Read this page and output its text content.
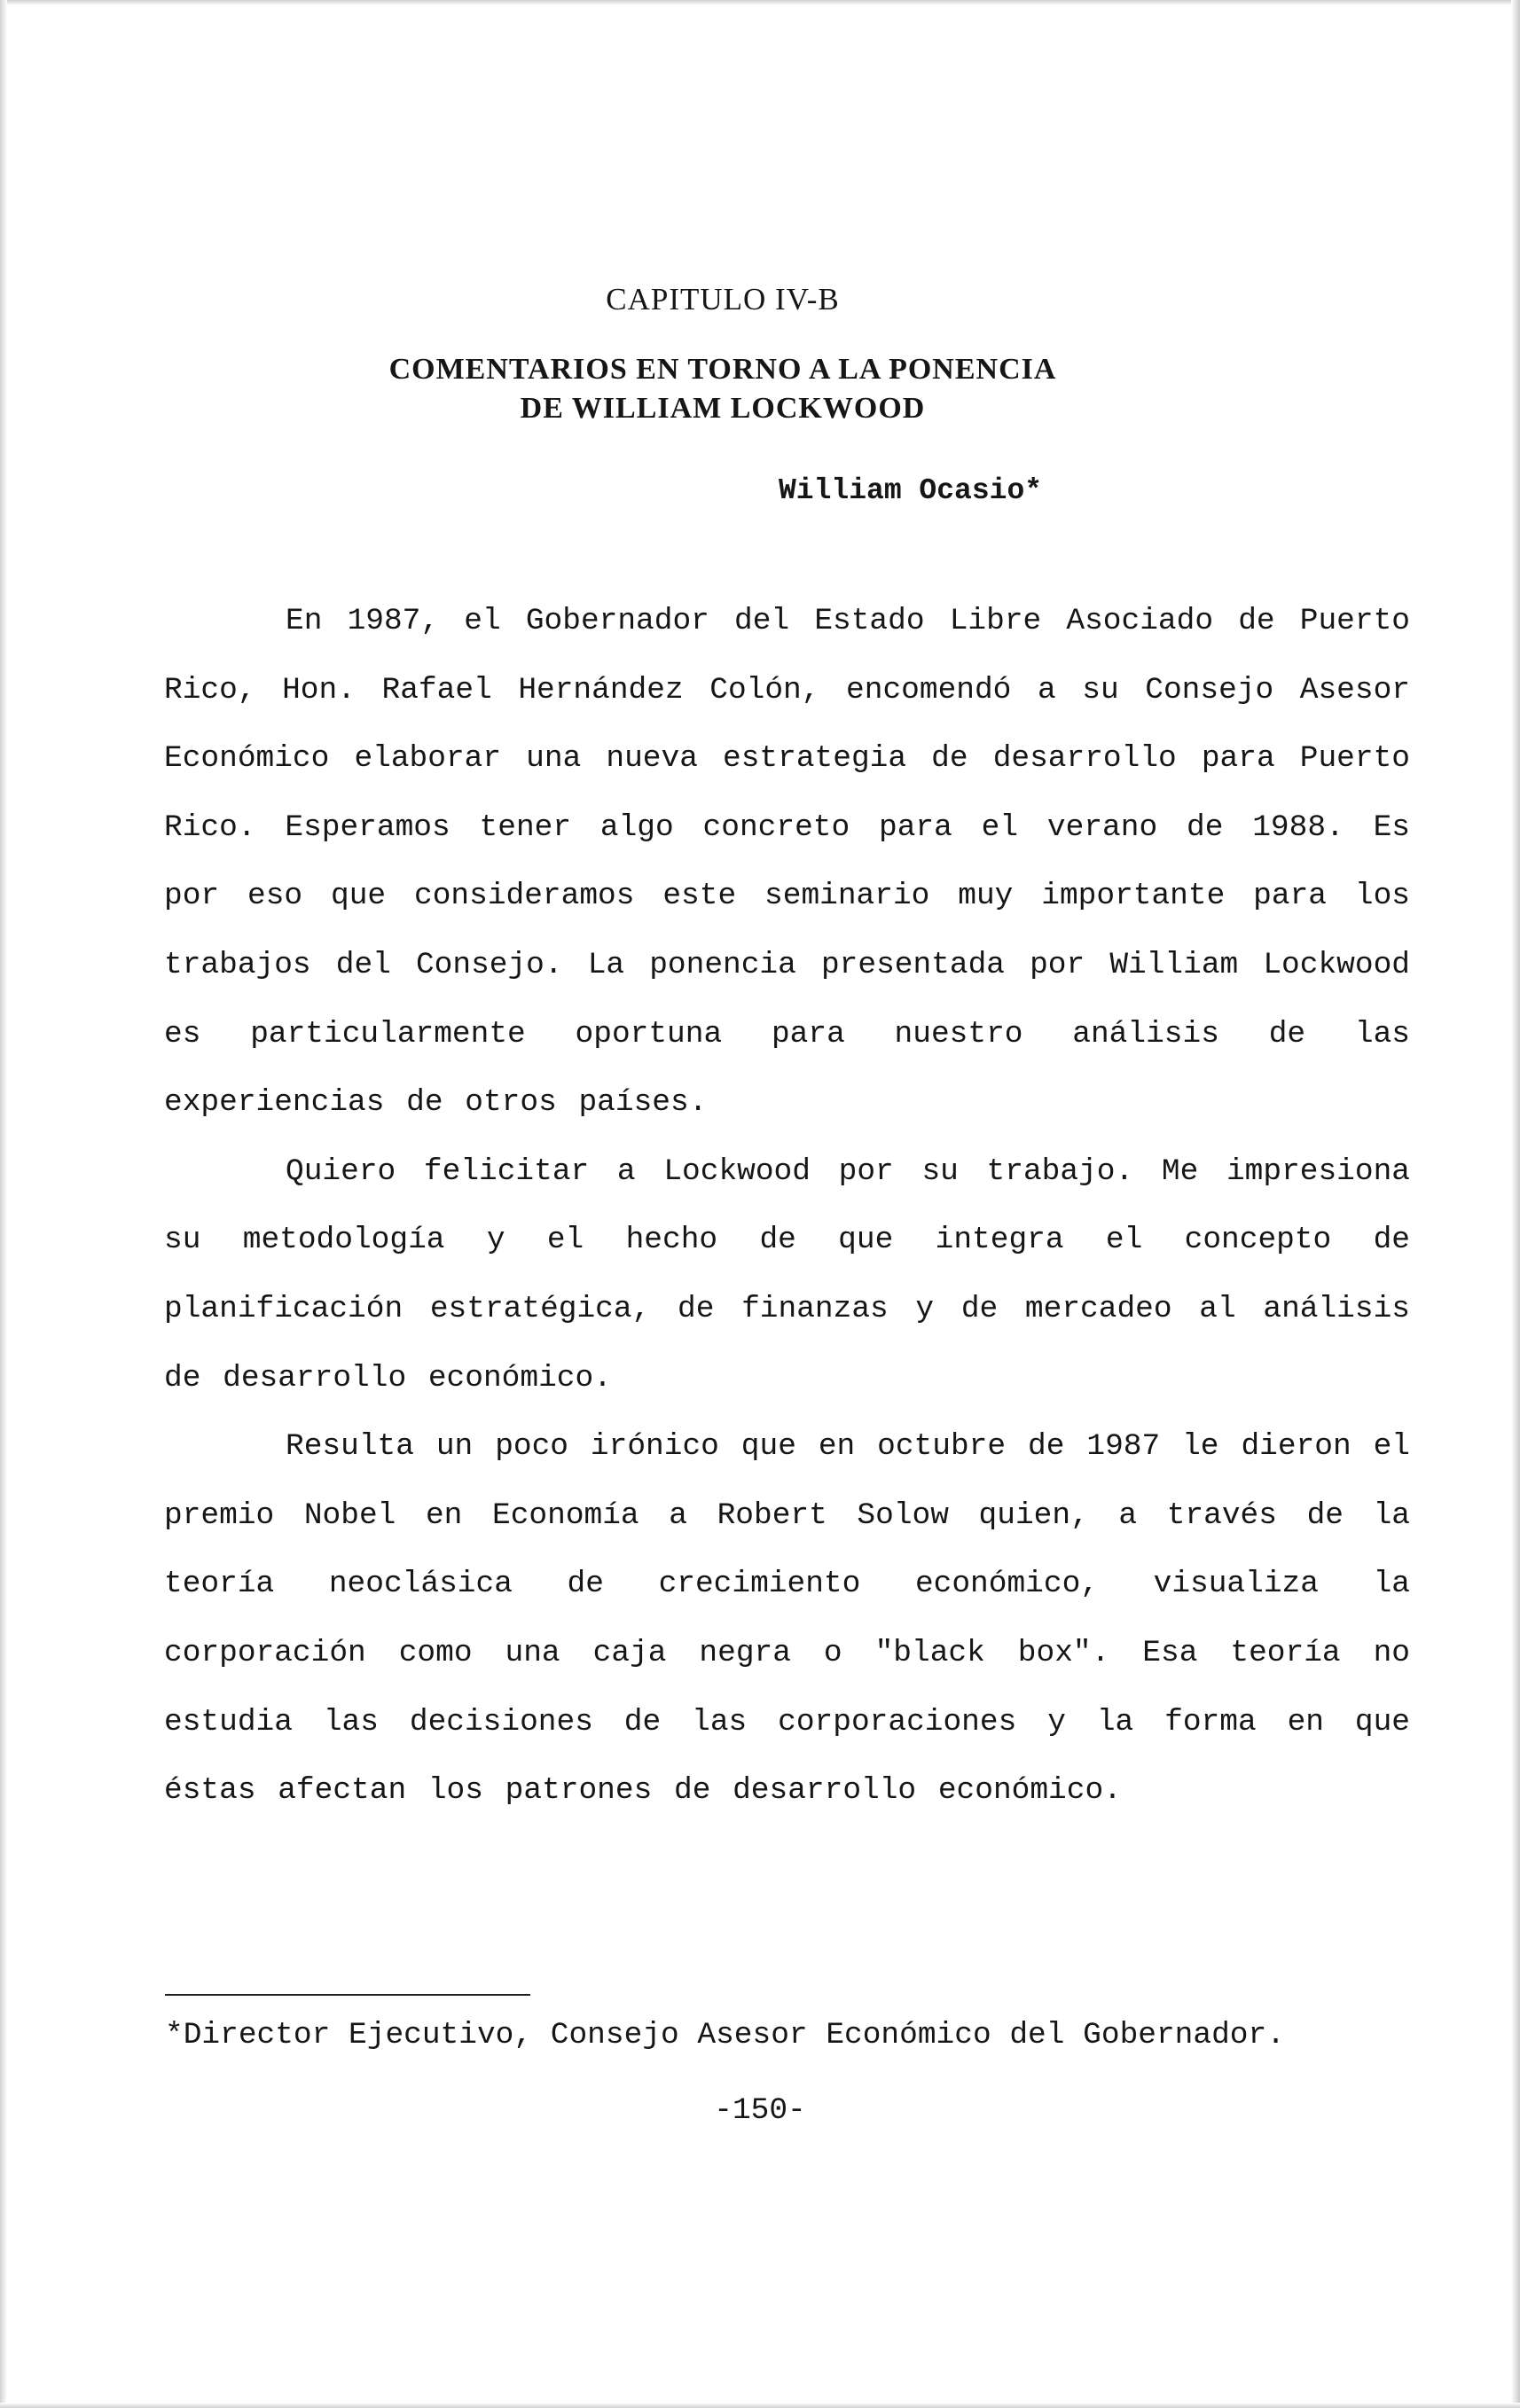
CAPITULO IV-B
COMENTARIOS EN TORNO A LA PONENCIA
DE WILLIAM LOCKWOOD
William Ocasio*

En 1987, el Gobernador del Estado Libre Asociado de Puerto Rico, Hon. Rafael Hernández Colón, encomendó a su Consejo Asesor Económico elaborar una nueva estrategia de desarrollo para Puerto Rico. Esperamos tener algo concreto para el verano de 1988. Es por eso que consideramos este seminario muy importante para los trabajos del Consejo. La ponencia presentada por William Lockwood es particularmente oportuna para nuestro análisis de las experiencias de otros países.

Quiero felicitar a Lockwood por su trabajo. Me impresiona su metodología y el hecho de que integra el concepto de planificación estratégica, de finanzas y de mercadeo al análisis de desarrollo económico.

Resulta un poco irónico que en octubre de 1987 le dieron el premio Nobel en Economía a Robert Solow quien, a través de la teoría neoclásica de crecimiento económico, visualiza la corporación como una caja negra o "black box". Esa teoría no estudia las decisiones de las corporaciones y la forma en que éstas afectan los patrones de desarrollo económico.

*Director Ejecutivo, Consejo Asesor Económico del Gobernador.
-150-
